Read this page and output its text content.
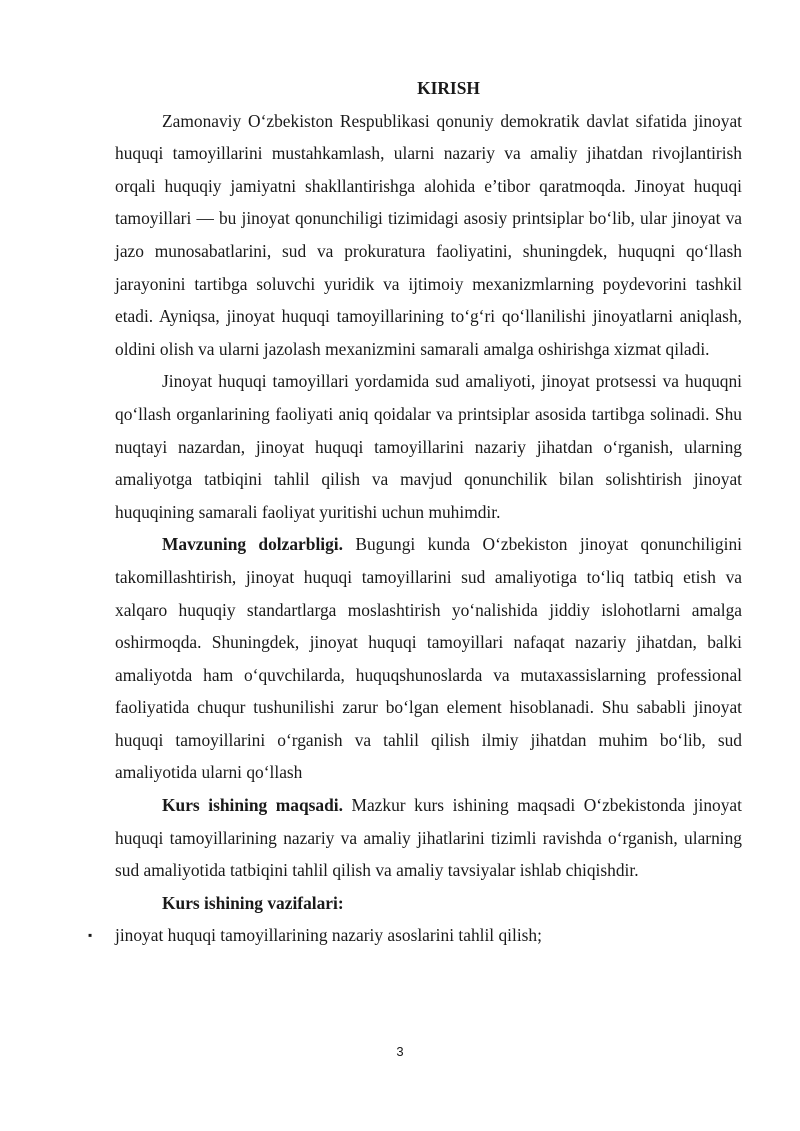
KIRISH

Zamonaviy O‘zbekiston Respublikasi qonuniy demokratik davlat sifatida jinoyat huquqi tamoyillarini mustahkamlash, ularni nazariy va amaliy jihatdan rivojlantirish orqali huquqiy jamiyatni shakllantirishga alohida e’tibor qaratmoqda. Jinoyat huquqi tamoyillari — bu jinoyat qonunchiligi tizimidagi asosiy printsiplar bo‘lib, ular jinoyat va jazo munosabatlarini, sud va prokuratura faoliyatini, shuningdek, huquqni qo‘llash jarayonini tartibga soluvchi yuridik va ijtimoiy mexanizmlarning poydevorini tashkil etadi. Ayniqsa, jinoyat huquqi tamoyillarining to‘g‘ri qo‘llanilishi jinoyatlarni aniqlash, oldini olish va ularni jazolash mexanizmini samarali amalga oshirishga xizmat qiladi.

Jinoyat huquqi tamoyillari yordamida sud amaliyoti, jinoyat protsessi va huquqni qo‘llash organlarining faoliyati aniq qoidalar va printsiplar asosida tartibga solinadi. Shu nuqtayi nazardan, jinoyat huquqi tamoyillarini nazariy jihatdan o‘rganish, ularning amaliyotga tatbiqini tahlil qilish va mavjud qonunchilik bilan solishtirish jinoyat huquqining samarali faoliyat yuritishi uchun muhimdir.

Mavzuning dolzarbligi. Bugungi kunda O‘zbekiston jinoyat qonunchiligini takomillashtirish, jinoyat huquqi tamoyillarini sud amaliyotiga to‘liq tatbiq etish va xalqaro huquqiy standartlarga moslashtirish yo‘nalishida jiddiy islohotlarni amalga oshirmoqda. Shuningdek, jinoyat huquqi tamoyillari nafaqat nazariy jihatdan, balki amaliyotda ham o‘quvchilarda, huquqshunoslarda va mutaxassislarning professional faoliyatida chuqur tushunilishi zarur bo‘lgan element hisoblanadi. Shu sababli jinoyat huquqi tamoyillarini o‘rganish va tahlil qilish ilmiy jihatdan muhim bo‘lib, sud amaliyotida ularni qo‘llash

Kurs ishining maqsadi. Mazkur kurs ishining maqsadi O‘zbekistonda jinoyat huquqi tamoyillarining nazariy va amaliy jihatlarini tizimli ravishda o‘rganish, ularning sud amaliyotida tatbiqini tahlil qilish va amaliy tavsiyalar ishlab chiqishdir.

Kurs ishining vazifalari:

▪ jinoyat huquqi tamoyillarining nazariy asoslarini tahlil qilish;
3
